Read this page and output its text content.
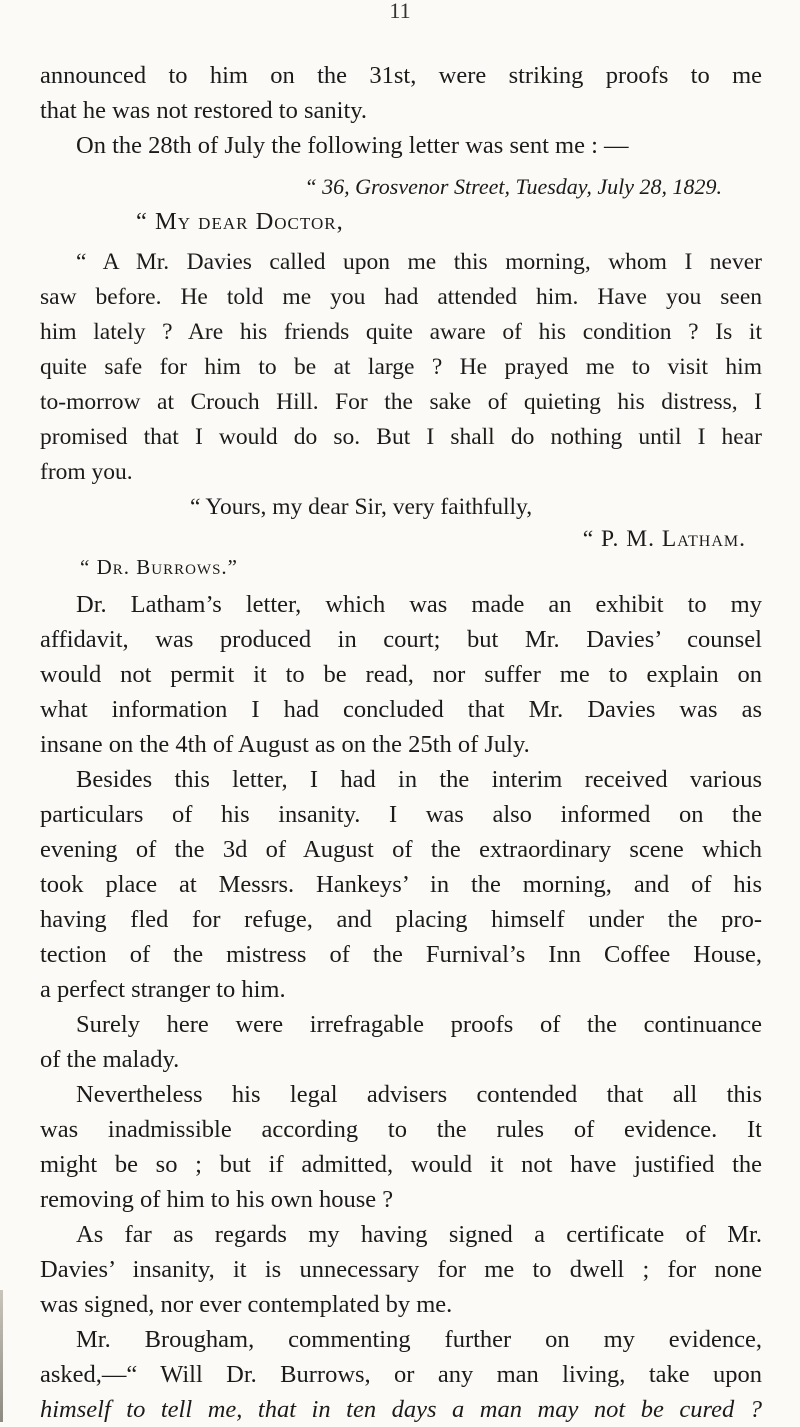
11
announced to him on the 31st, were striking proofs to me
that he was not restored to sanity.
On the 28th of July the following letter was sent me : —
“ 36, Grosvenor Street, Tuesday, July 28, 1829.
“ My dear Doctor,
“ A Mr. Davies called upon me this morning, whom I never
saw before. He told me you had attended him. Have you seen
him lately ? Are his friends quite aware of his condition ? Is it
quite safe for him to be at large ? He prayed me to visit him
to-morrow at Crouch Hill. For the sake of quieting his distress, I
promised that I would do so. But I shall do nothing until I hear
from you.
“ Yours, my dear Sir, very faithfully,
“ P. M. Latham.
“ Dr. Burrows.”
Dr. Latham’s letter, which was made an exhibit to my
affidavit, was produced in court; but Mr. Davies’ counsel
would not permit it to be read, nor suffer me to explain on
what information I had concluded that Mr. Davies was as
insane on the 4th of August as on the 25th of July.
Besides this letter, I had in the interim received various
particulars of his insanity. I was also informed on the
evening of the 3d of August of the extraordinary scene which
took place at Messrs. Hankeys’ in the morning, and of his
having fled for refuge, and placing himself under the pro-
tection of the mistress of the Furnival’s Inn Coffee House,
a perfect stranger to him.
Surely here were irrefragable proofs of the continuance
of the malady.
Nevertheless his legal advisers contended that all this
was inadmissible according to the rules of evidence. It
might be so ; but if admitted, would it not have justified the
removing of him to his own house ?
As far as regards my having signed a certificate of Mr.
Davies’ insanity, it is unnecessary for me to dwell ; for none
was signed, nor ever contemplated by me.
Mr. Brougham, commenting further on my evidence,
asked,—“ Will Dr. Burrows, or any man living, take upon
himself to tell me, that in ten days a man may not be cured ?
